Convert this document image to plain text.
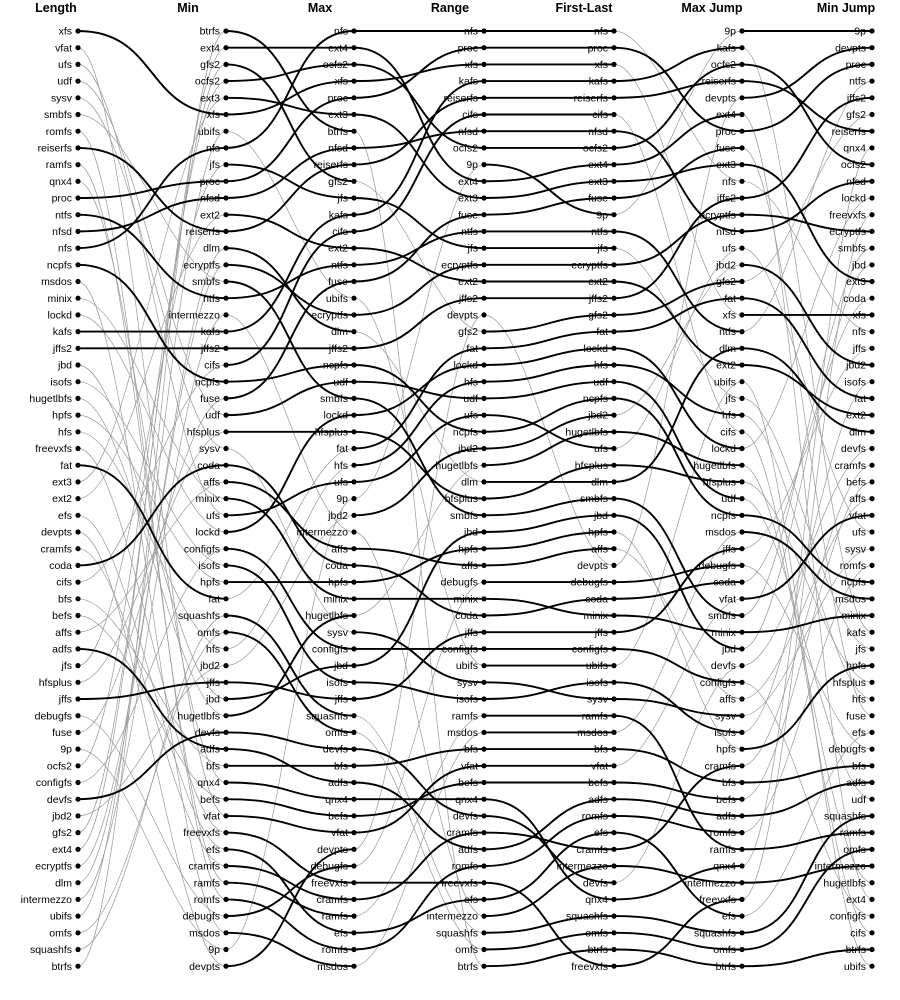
xfs
vfat
ufs
udf
sysv
smbfs
romfs
reiserfs
ramfs
qnx4
proc
ntfs
nfsd
nfs
ncpfs
msdos
minix
lockd
kafs
jffs2
jbd
isofs
hugetlbfs
hpfs
hfs
freevxfs
fat
ext3
ext2
efs
devpts
cramfs
coda
cifs
bfs
befs
affs
adfs
jfs
hfsplus
jffs
debugfs
fuse
9p
ocfs2
configfs
devfs
jbd2
gfs2
ext4
ecryptfs
dlm
intermezzo
ubifs
omfs
squashfs
btrfs
btrfs
ext4
gfs2
ocfs2
ext3
xfs
ubifs
nfs
jfs
proc
nfsd
ext2
reiserfs
dlm
ecryptfs
smbfs
ntfs
intermezzo
kafs
jffs2
cifs
ncpfs
fuse
udf
hfsplus
sysv
coda
affs
minix
ufs
lockd
configfs
isofs
hpfs
fat
squashfs
omfs
hfs
jbd2
jffs
jbd
hugetlbfs
devfs
adfs
bfs
qnx4
befs
vfat
freevxfs
efs
cramfs
ramfs
romfs
debugfs
msdos
9p
devpts
nfs
ext4
ocfs2
xfs
proc
ext3
btrfs
nfsd
reiserfs
gfs2
jfs
kafs
cifs
ext2
ntfs
fuse
ubifs
ecryptfs
dlm
jffs2
ncpfs
udf
smbfs
lockd
hfsplus
fat
hfs
ufs
9p
jbd2
intermezzo
affs
coda
hpfs
minix
hugetlbfs
sysv
configfs
jbd
isofs
jffs
squashfs
omfs
devfs
bfs
adfs
qnx4
befs
vfat
devpts
debugfs
freevxfs
cramfs
ramfs
efs
romfs
msdos
nfs
proc
xfs
kafs
reiserfs
cifs
nfsd
ocfs2
9p
ext4
ext3
fuse
ntfs
jfs
ecryptfs
ext2
jffs2
devpts
gfs2
fat
lockd
hfs
udf
ufs
ncpfs
jbd2
hugetlbfs
dlm
hfsplus
smbfs
jbd
hpfs
affs
debugfs
minix
coda
jffs
configfs
ubifs
sysv
isofs
ramfs
msdos
bfs
vfat
befs
qnx4
devfs
cramfs
adfs
romfs
freevxfs
efs
intermezzo
squashfs
omfs
btrfs
nfs
proc
xfs
kafs
reiserfs
cifs
nfsd
ocfs2
ext4
ext3
fuse
9p
ntfs
jfs
ecryptfs
ext2
jffs2
gfs2
fat
lockd
hfs
udf
ncpfs
jbd2
hugetlbfs
ufs
hfsplus
dlm
smbfs
jbd
hpfs
affs
devpts
debugfs
coda
minix
jffs
configfs
ubifs
isofs
sysv
ramfs
msdos
bfs
vfat
befs
adfs
romfs
efs
cramfs
intermezzo
devfs
qnx4
squashfs
omfs
btrfs
freevxfs
9p
kafs
ocfs2
reiserfs
devpts
ext4
proc
fuse
ext3
nfs
jffs2
ecryptfs
nfsd
ufs
jbd2
gfs2
fat
xfs
ntfs
dlm
ext2
ubifs
jfs
hfs
cifs
lockd
hugetlbfs
hfsplus
udf
ncpfs
msdos
jffs
debugfs
coda
vfat
smbfs
minix
jbd
devfs
configfs
affs
sysv
isofs
hpfs
cramfs
bfs
befs
adfs
romfs
ramfs
qnx4
intermezzo
freevxfs
efs
squashfs
omfs
btrfs
9p
devpts
proc
ntfs
jffs2
gfs2
reiserfs
qnx4
ocfs2
nfsd
lockd
freevxfs
ecryptfs
smbfs
jbd
ext3
coda
xfs
nfs
jffs
jbd2
isofs
fat
ext2
dlm
devfs
cramfs
befs
affs
vfat
ufs
sysv
romfs
ncpfs
msdos
minix
kafs
jfs
hpfs
hfsplus
hfs
fuse
efs
debugfs
bfs
adfs
udf
squashfs
ramfs
omfs
intermezzo
hugetlbfs
ext4
configfs
cifs
btrfs
ubifs
Length	Min	Max	Range	First-Last	Max Jump	Min Jump
